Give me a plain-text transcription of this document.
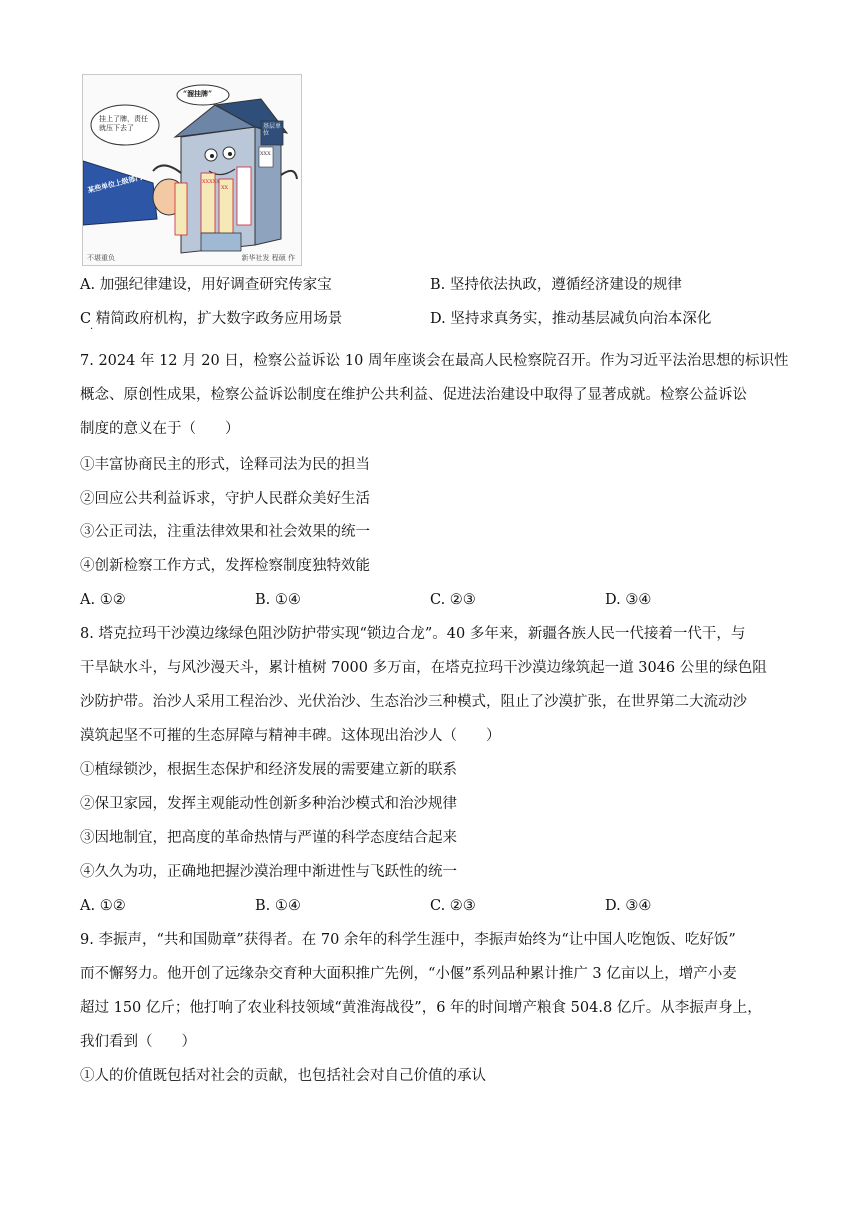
“溜挂牌”
挂上了牌，责任就压下去了	基层单位
某些单位上级部门	XXXXX
XX
XXX
不堪重负	新华社发 程硕 作
A. 加强纪律建设，用好调查研究传家宝	B. 坚持依法执政，遵循经济建设的规律
C 精简政府机构，扩大数字政务应用场景	D. 坚持求真务实，推动基层减负向治本深化
·
7. 2024 年 12 月 20 日，检察公益诉讼 10 周年座谈会在最高人民检察院召开。作为习近平法治思想的标识性
概念、原创性成果，检察公益诉讼制度在维护公共利益、促进法治建设中取得了显著成就。检察公益诉讼
制度的意义在于（　　）
①丰富协商民主的形式，诠释司法为民的担当
②回应公共利益诉求，守护人民群众美好生活
③公正司法，注重法律效果和社会效果的统一
④创新检察工作方式，发挥检察制度独特效能
A. ①②	B. ①④	C. ②③	D. ③④
8. 塔克拉玛干沙漠边缘绿色阻沙防护带实现“锁边合龙”。40 多年来，新疆各族人民一代接着一代干，与
干旱缺水斗，与风沙漫天斗，累计植树 7000 多万亩，在塔克拉玛干沙漠边缘筑起一道 3046 公里的绿色阻
沙防护带。治沙人采用工程治沙、光伏治沙、生态治沙三种模式，阻止了沙漠扩张，在世界第二大流动沙
漠筑起坚不可摧的生态屏障与精神丰碑。这体现出治沙人（　　）
①植绿锁沙，根据生态保护和经济发展的需要建立新的联系
②保卫家园，发挥主观能动性创新多种治沙模式和治沙规律
③因地制宜，把高度的革命热情与严谨的科学态度结合起来
④久久为功，正确地把握沙漠治理中渐进性与飞跃性的统一
A. ①②	B. ①④	C. ②③	D. ③④
9. 李振声，“共和国勋章”获得者。在 70 余年的科学生涯中，李振声始终为“让中国人吃饱饭、吃好饭”
而不懈努力。他开创了远缘杂交育种大面积推广先例，“小偃”系列品种累计推广 3 亿亩以上，增产小麦
超过 150 亿斤；他打响了农业科技领域“黄淮海战役”，6 年的时间增产粮食 504.8 亿斤。从李振声身上，
我们看到（　　）
①人的价值既包括对社会的贡献，也包括社会对自己价值的承认
